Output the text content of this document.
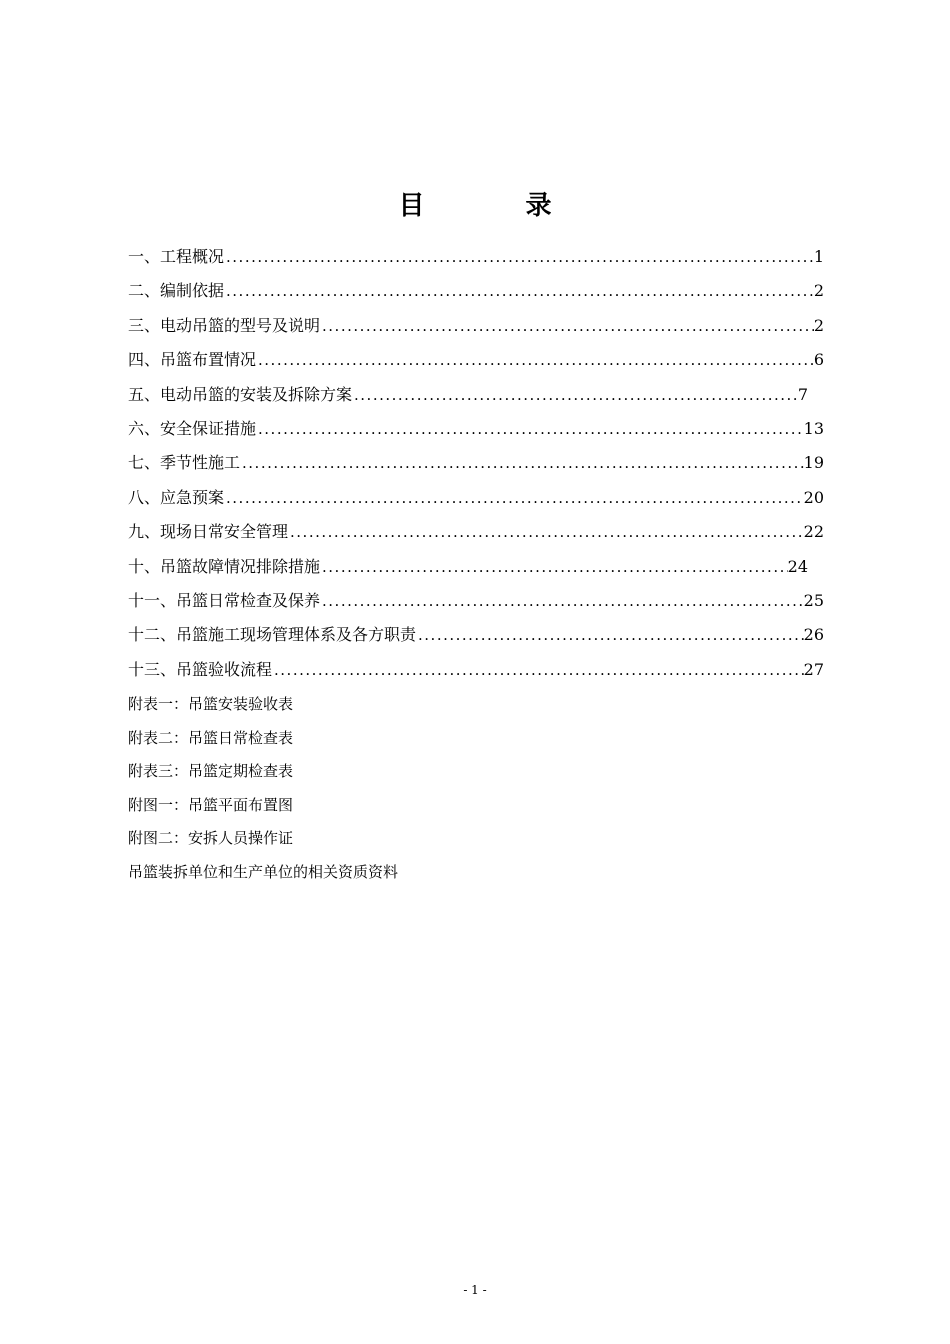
目 录
一、工程概况 .....	1
二、编制依据 .....	2
三、电动吊篮的型号及说明 .....	2
四、吊篮布置情况 .....	6
五、电动吊篮的安装及拆除方案 .....	7
六、安全保证措施 .....	13
七、季节性施工 .....	19
八、应急预案 .....	20
九、现场日常安全管理 .....	22
十、吊篮故障情况排除措施 .....	24
十一、吊篮日常检查及保养 .....	25
十二、吊篮施工现场管理体系及各方职责 .....	26
十三、吊篮验收流程 .....	27
附表一：吊篮安装验收表
附表二：吊篮日常检查表
附表三：吊篮定期检查表
附图一：吊篮平面布置图
附图二：安拆人员操作证
吊篮装拆单位和生产单位的相关资质资料
- 1 -
